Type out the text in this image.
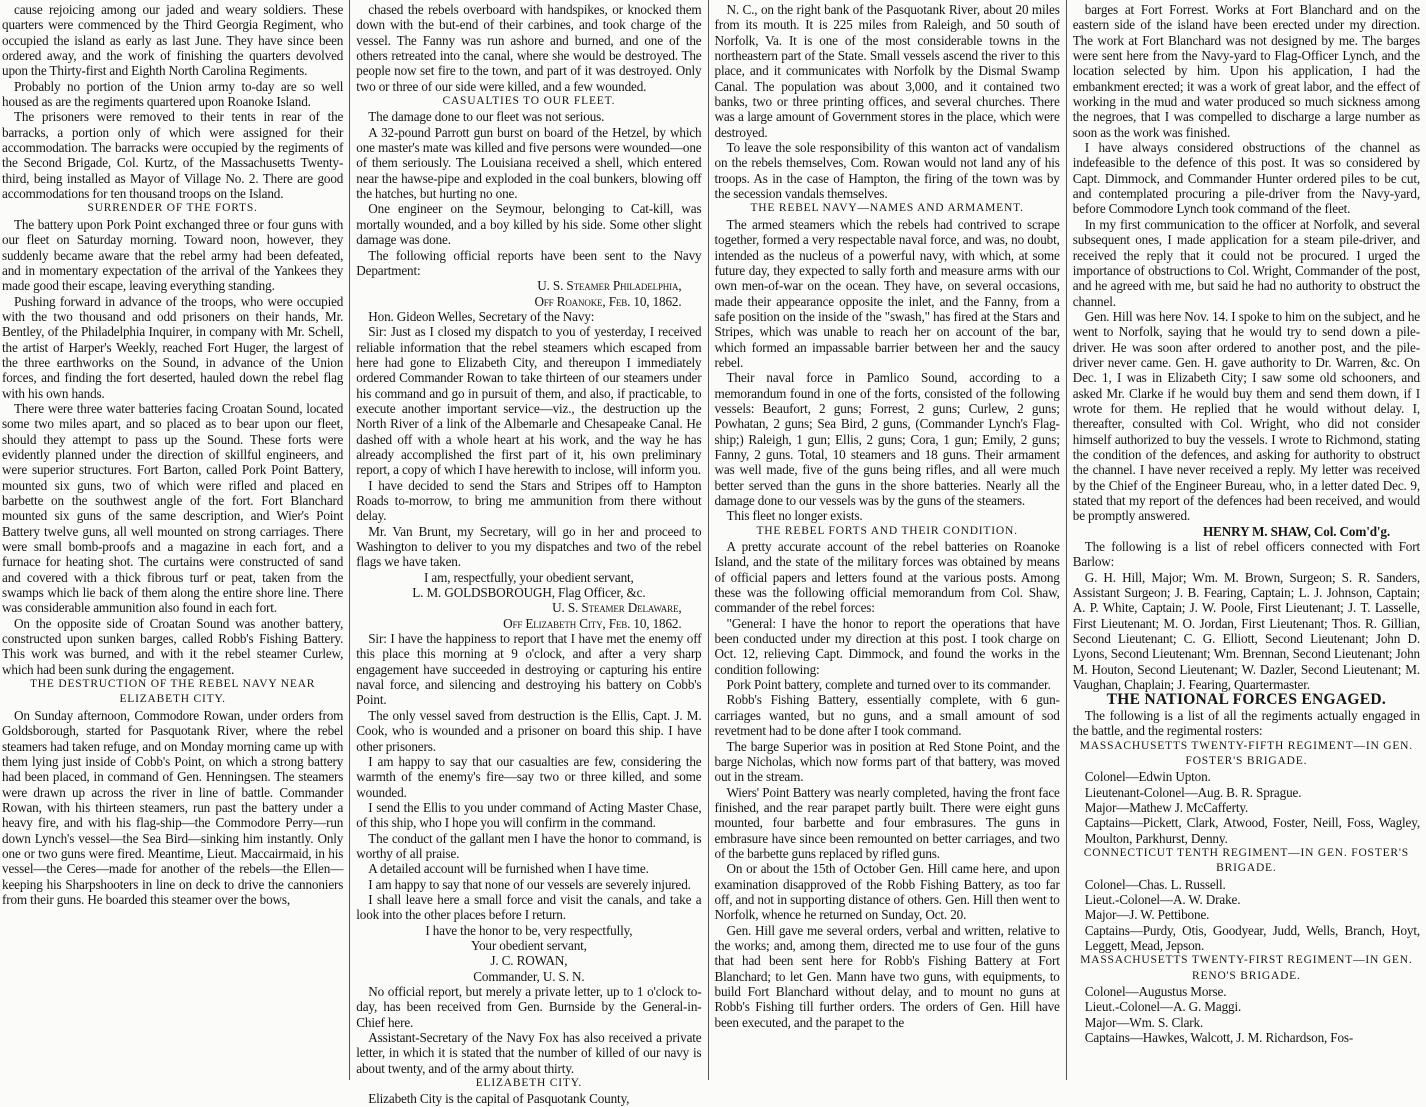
cause rejoicing among our jaded and weary soldiers. These quarters were commenced by the Third Georgia Regiment, who occupied the island as early as last June. They have since been ordered away, and the work of finishing the quarters devolved upon the Thirty-first and Eighth North Carolina Regiments.

Probably no portion of the Union army to-day are so well housed as are the regiments quartered upon Roanoke Island.

The prisoners were removed to their tents in rear of the barracks, a portion only of which were assigned for their accommodation. The barracks were occupied by the regiments of the Second Brigade, Col. Kurtz, of the Massachusetts Twenty-third, being installed as Mayor of Village No. 2. There are good accommodations for ten thousand troops on the Island.

SURRENDER OF THE FORTS.

The battery upon Pork Point exchanged three or four guns with our fleet on Saturday morning. Toward noon, however, they suddenly became aware that the rebel army had been defeated, and in momentary expectation of the arrival of the Yankees they made good their escape, leaving everything standing.

Pushing forward in advance of the troops, who were occupied with the two thousand and odd prisoners on their hands, Mr. Bentley, of the Philadelphia Inquirer, in company with Mr. Schell, the artist of Harper's Weekly, reached Fort Huger, the largest of the three earthworks on the Sound, in advance of the Union forces, and finding the fort deserted, hauled down the rebel flag with his own hands.

There were three water batteries facing Croatan Sound, located some two miles apart, and so placed as to bear upon our fleet, should they attempt to pass up the Sound. These forts were evidently planned under the direction of skillful engineers, and were superior structures. Fort Barton, called Pork Point Battery, mounted six guns, two of which were rifled and placed en barbette on the southwest angle of the fort. Fort Blanchard mounted six guns of the same description, and Wier's Point Battery twelve guns, all well mounted on strong carriages. There were small bomb-proofs and a magazine in each fort, and a furnace for heating shot. The curtains were constructed of sand and covered with a thick fibrous turf or peat, taken from the swamps which lie back of them along the entire shore line. There was considerable ammunition also found in each fort.

On the opposite side of Croatan Sound was another battery, constructed upon sunken barges, called Robb's Fishing Battery. This work was burned, and with it the rebel steamer Curlew, which had been sunk during the engagement.

THE DESTRUCTION OF THE REBEL NAVY NEAR ELIZABETH CITY.

On Sunday afternoon, Commodore Rowan, under orders from Goldsborough, started for Pasquotank River, where the rebel steamers had taken refuge, and on Monday morning came up with them lying just inside of Cobb's Point, on which a strong battery had been placed, in command of Gen. Henningsen. The steamers were drawn up across the river in line of battle. Commander Rowan, with his thirteen steamers, run past the battery under a heavy fire, and with his flag-ship—the Commodore Perry—run down Lynch's vessel—the Sea Bird—sinking him instantly. Only one or two guns were fired. Meantime, Lieut. Maccairmaid, in his vessel—the Ceres—made for another of the rebels—the Ellen—keeping his Sharpshooters in line on deck to drive the cannoniers from their guns. He boarded this steamer over the bows,

chased the rebels overboard with handspikes, or knocked them down with the but-end of their carbines, and took charge of the vessel. The Fanny was run ashore and burned, and one of the others retreated into the canal, where she would be destroyed. The people now set fire to the town, and part of it was destroyed. Only two or three of our side were killed, and a few wounded.

CASUALTIES TO OUR FLEET.

The damage done to our fleet was not serious.

A 32-pound Parrott gun burst on board of the Hetzel, by which one master's mate was killed and five persons were wounded—one of them seriously. The Louisiana received a shell, which entered near the hawse-pipe and exploded in the coal bunkers, blowing off the hatches, but hurting no one.

One engineer on the Seymour, belonging to Cat-kill, was mortally wounded, and a boy killed by his side. Some other slight damage was done.

The following official reports have been sent to the Navy Department:

U. S. Steamer Philadelphia,

Off Roanoke, Feb. 10, 1862.

Hon. Gideon Welles, Secretary of the Navy:

Sir: Just as I closed my dispatch to you of yesterday, I received reliable information that the rebel steamers which escaped from here had gone to Elizabeth City, and thereupon I immediately ordered Commander Rowan to take thirteen of our steamers under his command and go in pursuit of them, and also, if practicable, to execute another important service—viz., the destruction up the North River of a link of the Albemarle and Chesapeake Canal. He dashed off with a whole heart at his work, and the way he has already accomplished the first part of it, his own preliminary report, a copy of which I have herewith to inclose, will inform you.

I have decided to send the Stars and Stripes off to Hampton Roads to-morrow, to bring me ammunition from there without delay.

Mr. Van Brunt, my Secretary, will go in her and proceed to Washington to deliver to you my dispatches and two of the rebel flags we have taken.

I am, respectfully, your obedient servant,

L. M. GOLDSBOROUGH, Flag Officer, &c.

U. S. Steamer Delaware,

Off Elizabeth City, Feb. 10, 1862.

Sir: I have the happiness to report that I have met the enemy off this place this morning at 9 o'clock, and after a very sharp engagement have succeeded in destroying or capturing his entire naval force, and silencing and destroying his battery on Cobb's Point.

The only vessel saved from destruction is the Ellis, Capt. J. M. Cook, who is wounded and a prisoner on board this ship. I have other prisoners.

I am happy to say that our casualties are few, considering the warmth of the enemy's fire—say two or three killed, and some wounded.

I send the Ellis to you under command of Acting Master Chase, of this ship, who I hope you will confirm in the command.

The conduct of the gallant men I have the honor to command, is worthy of all praise.

A detailed account will be furnished when I have time.

I am happy to say that none of our vessels are severely injured.

I shall leave here a small force and visit the canals, and take a look into the other places before I return.

I have the honor to be, very respectfully,

Your obedient servant,

J. C. ROWAN,

Commander, U. S. N.

No official report, but merely a private letter, up to 1 o'clock to-day, has been received from Gen. Burnside by the General-in-Chief here.

Assistant-Secretary of the Navy Fox has also received a private letter, in which it is stated that the number of killed of our navy is about twenty, and of the army about thirty.

ELIZABETH CITY.

Elizabeth City is the capital of Pasquotank County,

N. C., on the right bank of the Pasquotank River, about 20 miles from its mouth. It is 225 miles from Raleigh, and 50 south of Norfolk, Va. It is one of the most considerable towns in the northeastern part of the State. Small vessels ascend the river to this place, and it communicates with Norfolk by the Dismal Swamp Canal. The population was about 3,000, and it contained two banks, two or three printing offices, and several churches. There was a large amount of Government stores in the place, which were destroyed.

To leave the sole responsibility of this wanton act of vandalism on the rebels themselves, Com. Rowan would not land any of his troops. As in the case of Hampton, the firing of the town was by the secession vandals themselves.

THE REBEL NAVY—NAMES AND ARMAMENT.

The armed steamers which the rebels had contrived to scrape together, formed a very respectable naval force, and was, no doubt, intended as the nucleus of a powerful navy, with which, at some future day, they expected to sally forth and measure arms with our own men-of-war on the ocean. They have, on several occasions, made their appearance opposite the inlet, and the Fanny, from a safe position on the inside of the "swash," has fired at the Stars and Stripes, which was unable to reach her on account of the bar, which formed an impassable barrier between her and the saucy rebel.

Their naval force in Pamlico Sound, according to a memorandum found in one of the forts, consisted of the following vessels: Beaufort, 2 guns; Forrest, 2 guns; Curlew, 2 guns; Powhatan, 2 guns; Sea Bird, 2 guns, (Commander Lynch's Flag-ship;) Raleigh, 1 gun; Ellis, 2 guns; Cora, 1 gun; Emily, 2 guns; Fanny, 2 guns. Total, 10 steamers and 18 guns. Their armament was well made, five of the guns being rifles, and all were much better served than the guns in the shore batteries. Nearly all the damage done to our vessels was by the guns of the steamers.

This fleet no longer exists.

THE REBEL FORTS AND THEIR CONDITION.

A pretty accurate account of the rebel batteries on Roanoke Island, and the state of the military forces was obtained by means of official papers and letters found at the various posts. Among these was the following official memorandum from Col. Shaw, commander of the rebel forces:

"General: I have the honor to report the operations that have been conducted under my direction at this post. I took charge on Oct. 12, relieving Capt. Dimmock, and found the works in the condition following:

Pork Point battery, complete and turned over to its commander.

Robb's Fishing Battery, essentially complete, with 6 gun-carriages wanted, but no guns, and a small amount of sod revetment had to be done after I took command.

The barge Superior was in position at Red Stone Point, and the barge Nicholas, which now forms part of that battery, was moved out in the stream.

Wiers' Point Battery was nearly completed, having the front face finished, and the rear parapet partly built. There were eight guns mounted, four barbette and four embrasures. The guns in embrasure have since been remounted on better carriages, and two of the barbette guns replaced by rifled guns.

On or about the 15th of October Gen. Hill came here, and upon examination disapproved of the Robb Fishing Battery, as too far off, and not in supporting distance of others. Gen. Hill then went to Norfolk, whence he returned on Sunday, Oct. 20.

Gen. Hill gave me several orders, verbal and written, relative to the works; and, among them, directed me to use four of the guns that had been sent here for Robb's Fishing Battery at Fort Blanchard; to let Gen. Mann have two guns, with equipments, to build Fort Blanchard without delay, and to mount no guns at Robb's Fishing till further orders. The orders of Gen. Hill have been executed, and the parapet to the

barges at Fort Forrest. Works at Fort Blanchard and on the eastern side of the island have been erected under my direction. The work at Fort Blanchard was not designed by me. The barges were sent here from the Navy-yard to Flag-Officer Lynch, and the location selected by him. Upon his application, I had the embankment erected; it was a work of great labor, and the effect of working in the mud and water produced so much sickness among the negroes, that I was compelled to discharge a large number as soon as the work was finished.

I have always considered obstructions of the channel as indefeasible to the defence of this post. It was so considered by Capt. Dimmock, and Commander Hunter ordered piles to be cut, and contemplated procuring a pile-driver from the Navy-yard, before Commodore Lynch took command of the fleet.

In my first communication to the officer at Norfolk, and several subsequent ones, I made application for a steam pile-driver, and received the reply that it could not be procured. I urged the importance of obstructions to Col. Wright, Commander of the post, and he agreed with me, but said he had no authority to obstruct the channel.

Gen. Hill was here Nov. 14. I spoke to him on the subject, and he went to Norfolk, saying that he would try to send down a pile-driver. He was soon after ordered to another post, and the pile-driver never came. Gen. H. gave authority to Dr. Warren, &c. On Dec. 1, I was in Elizabeth City; I saw some old schooners, and asked Mr. Clarke if he would buy them and send them down, if I wrote for them. He replied that he would without delay. I, thereafter, consulted with Col. Wright, who did not consider himself authorized to buy the vessels. I wrote to Richmond, stating the condition of the defences, and asking for authority to obstruct the channel. I have never received a reply. My letter was received by the Chief of the Engineer Bureau, who, in a letter dated Dec. 9, stated that my report of the defences had been received, and would be promptly answered.

HENRY M. SHAW, Col. Com'd'g.

The following is a list of rebel officers connected with Fort Barlow:

G. H. Hill, Major; Wm. M. Brown, Surgeon; S. R. Sanders, Assistant Surgeon; J. B. Fearing, Captain; L. J. Johnson, Captain; A. P. White, Captain; J. W. Poole, First Lieutenant; J. T. Lasselle, First Lieutenant; M. O. Jordan, First Lieutenant; Thos. R. Gillian, Second Lieutenant; C. G. Elliott, Second Lieutenant; John D. Lyons, Second Lieutenant; Wm. Brennan, Second Lieutenant; John M. Houton, Second Lieutenant; W. Dazler, Second Lieutenant; M. Vaughan, Chaplain; J. Fearing, Quartermaster.

THE NATIONAL FORCES ENGAGED.

The following is a list of all the regiments actually engaged in the battle, and the regimental rosters:

MASSACHUSETTS TWENTY-FIFTH REGIMENT—IN GEN. FOSTER'S BRIGADE.

Colonel—Edwin Upton.

Lieutenant-Colonel—Aug. B. R. Sprague.

Major—Mathew J. McCafferty.

Captains—Pickett, Clark, Atwood, Foster, Neill, Foss, Wagley, Moulton, Parkhurst, Denny.

CONNECTICUT TENTH REGIMENT—IN GEN. FOSTER'S BRIGADE.

Colonel—Chas. L. Russell.

Lieut.-Colonel—A. W. Drake.

Major—J. W. Pettibone.

Captains—Purdy, Otis, Goodyear, Judd, Wells, Branch, Hoyt, Leggett, Mead, Jepson.

MASSACHUSETTS TWENTY-FIRST REGIMENT—IN GEN. RENO'S BRIGADE.

Colonel—Augustus Morse.

Lieut.-Colonel—A. G. Maggi.

Major—Wm. S. Clark.

Captains—Hawkes, Walcott, J. M. Richardson, Fos-
